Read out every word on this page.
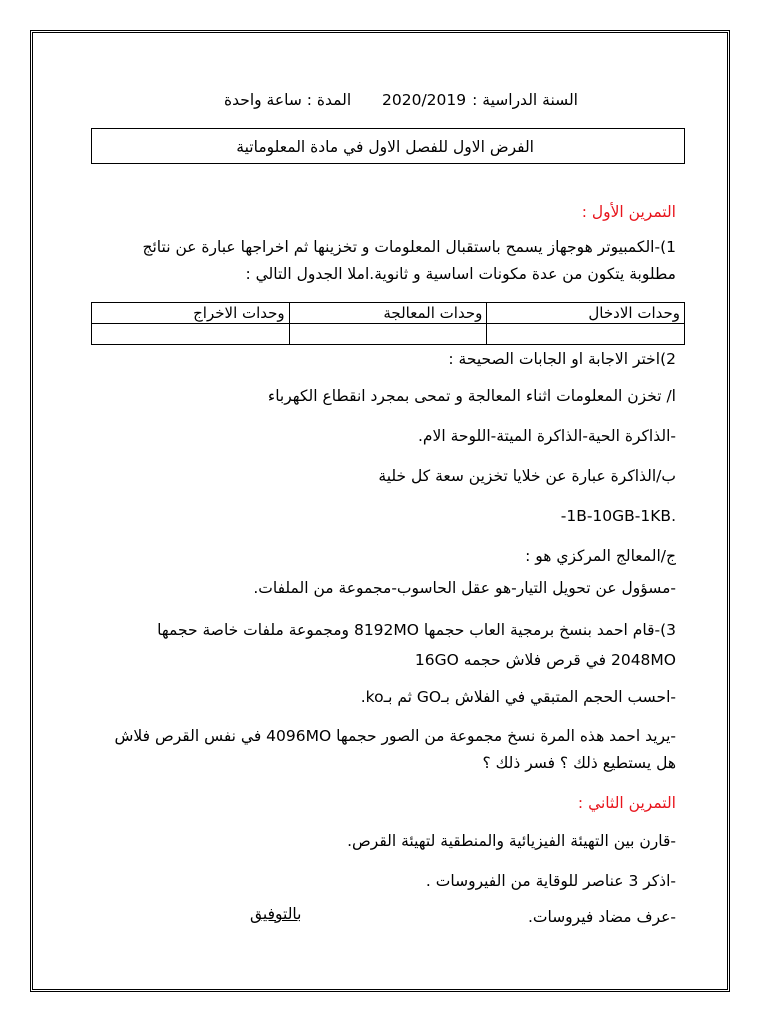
السنة الدراسية :
2020/2019
المدة : ساعة واحدة
الفرض الاول للفصل الاول في مادة المعلوماتية
التمرين الأول :
1)-الكمبيوتر هوجهاز يسمح باستقبال المعلومات و تخزينها ثم اخراجها عبارة عن نتائج
مطلوبة يتكون من عدة مكونات اساسية و ثانوية.املا الجدول التالي :
وحدات الادخال	وحدات المعالجة	وحدات الاخراج

2)اختر الاجابة او الجابات الصحيحة :
ا/ تخزن المعلومات اثناء المعالجة و تمحى بمجرد انقطاع الكهرباء
-الذاكرة الحية-الذاكرة الميتة-اللوحة الام.
ب/الذاكرة عبارة عن خلايا تخزين سعة كل خلية
.1B-10GB-1KB-
ج/المعالج المركزي هو :
-مسؤول عن تحويل التيار-هو عقل الحاسوب-مجموعة من الملفات.
3)-قام احمد بنسخ برمجية العاب حجمها 8192MO ومجموعة ملفات خاصة حجمها
2048MO في قرص فلاش حجمه 16GO
-احسب الحجم المتبقي في الفلاش بـGO ثم بـko.
-يريد احمد هذه المرة نسخ مجموعة من الصور حجمها 4096MO في نفس القرص فلاش
هل يستطيع ذلك ؟ فسر ذلك ؟
التمرين الثاني :
-قارن بين التهيئة الفيزيائية والمنطقية لتهيئة القرص.
-اذكر 3 عناصر للوقاية من الفيروسات .
-عرف مضاد فيروسات.
بالتوفيق
